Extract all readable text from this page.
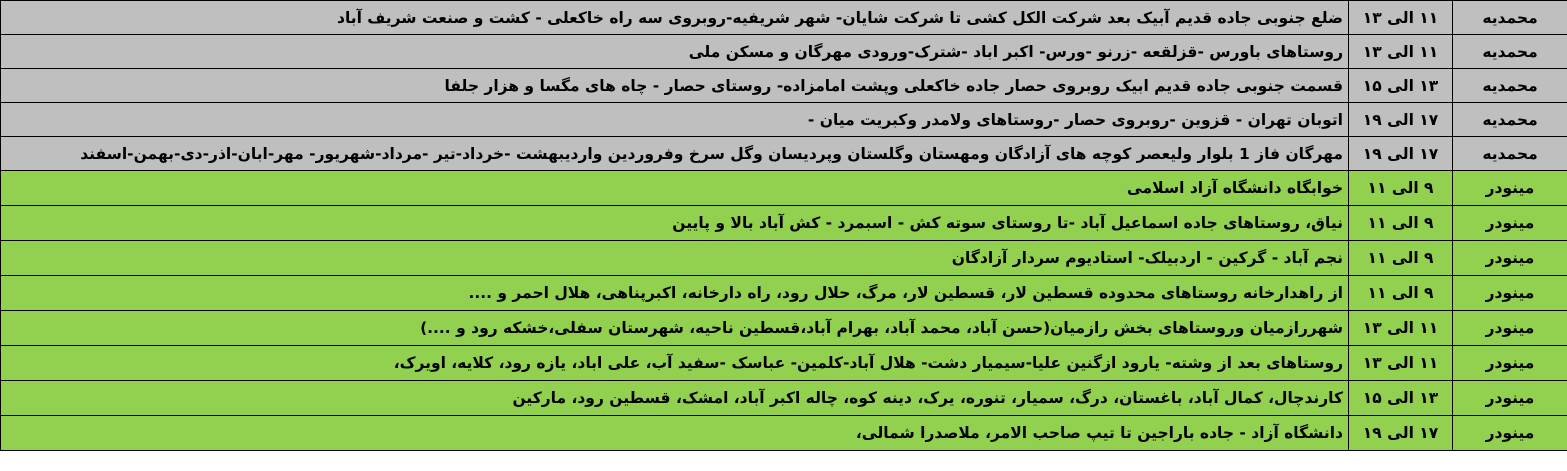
محمدیه	۱۱ الی ۱۳	ضلع جنوبی جاده قدیم آبیک بعد شرکت الکل کشی تا شرکت شایان- شهر شریفیه-روبروی سه راه خاکعلی - کشت و صنعت شریف آباد
محمدیه	۱۱ الی ۱۳	روستاهای باورس -قزلقعه -زرنو -ورس- اکبر اباد -شترک-ورودی مهرگان و مسکن ملی
محمدیه	۱۳ الی ۱۵	قسمت جنوبی جاده قدیم ابیک روبروی حصار جاده خاکعلی وپشت امامزاده- روستای حصار - چاه های مگسا و هزار جلفا
محمدیه	۱۷ الی ۱۹	اتوبان تهران - قزوین -روبروی حصار -روستاهای ولامدر وکبریت میان -
محمدیه	۱۷ الی ۱۹	مهرگان فاز 1 بلوار ولیعصر کوچه های آزادگان ومهستان وگلستان وپردیسان وگل سرخ وفروردین واردیبهشت -خرداد-تیر -مرداد-شهریور- مهر-ابان-اذر-دی-بهمن-اسفند
مینودر	۹ الی ۱۱	خوابگاه دانشگاه آزاد اسلامی
مینودر	۹ الی ۱۱	نیاق، روستاهای جاده اسماعیل آباد -تا روستای سوته کش - اسبمرد - کش آباد بالا و پایین
مینودر	۹ الی ۱۱	نجم آباد - گرکین - اردبیلک- استادیوم سردار آزادگان
مینودر	۹ الی ۱۱	از راهدارخانه روستاهای محدوده قسطین لار، قسطین لار، مرگ، حلال رود، راه دارخانه، اکبرپناهی، هلال احمر و ....
مینودر	۱۱ الی ۱۳	شهررازمیان وروستاهای بخش رازمیان(حسن آباد، محمد آباد، بهرام آباد،قسطین ناحیه، شهرستان سفلی،خشکه رود و ....)
مینودر	۱۱ الی ۱۳	روستاهای بعد از وشته- یارود ازگنین علیا-سیمیار دشت- هلال آباد-کلمین- عباسک -سفید آب، علی اباد، یازه رود، کلایه، اویرک،
مینودر	۱۳ الی ۱۵	کارندچال، کمال آباد، باغستان، درگ، سمیار، تنوره، یرک، دینه کوه، چاله اکبر آباد، امشک، قسطین رود، مارکین
مینودر	۱۷ الی ۱۹	دانشگاه آزاد - جاده باراجین تا تیپ صاحب الامر، ملاصدرا شمالی،
